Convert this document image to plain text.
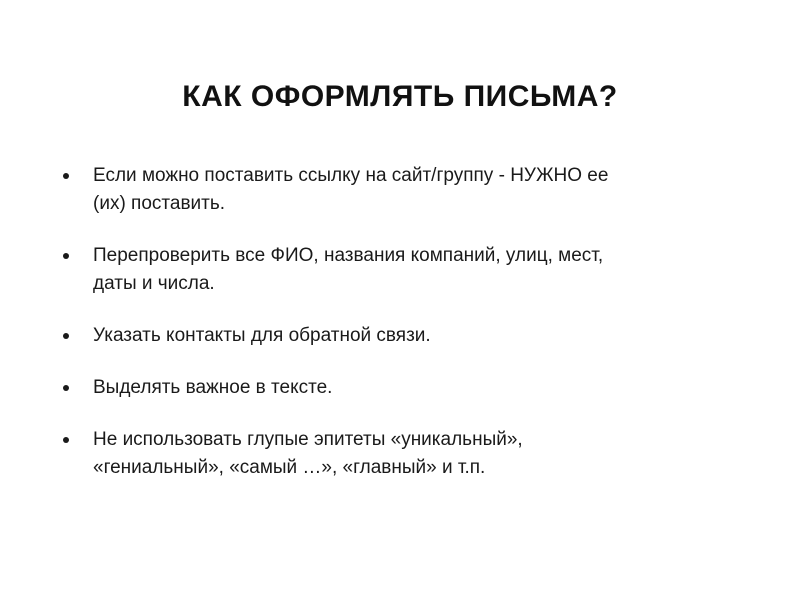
КАК ОФОРМЛЯТЬ ПИСЬМА?
Если можно поставить ссылку на сайт/группу - НУЖНО ее
(их) поставить.
Перепроверить все ФИО, названия компаний, улиц, мест,
даты и числа.
Указать контакты для обратной связи.
Выделять важное в тексте.
Не использовать глупые эпитеты «уникальный»,
«гениальный», «самый …», «главный» и т.п.
